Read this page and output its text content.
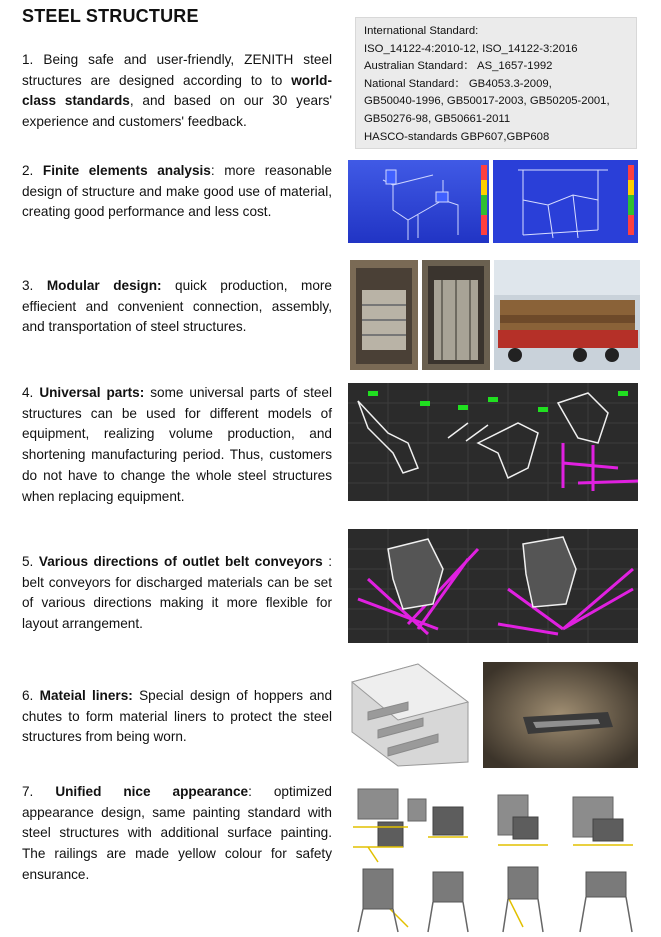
STEEL STRUCTURE
International Standard:
ISO_14122-4:2010-12, ISO_14122-3:2016
Australian Standard： AS_1657-1992
National Standard： GB4053.3-2009,
GB50040-1996, GB50017-2003, GB50205-2001,
GB50276-98, GB50661-2011
HASCO-standards GBP607,GBP608
1. Being safe and user-friendly, ZENITH steel structures are designed according to to world-class standards, and based on our 30 years' experience and customers' feedback.
2. Finite elements analysis: more reasonable design of structure and make good use of material, creating good performance and less cost.
3. Modular design: quick production, more effiecient and convenient connection, assembly, and transportation of steel structures.
4. Universal parts: some universal parts of steel structures can be used for different models of equipment, realizing volume production, and shortening manufacturing period. Thus, customers do not have to change the whole steel structures when replacing equipment.
5. Various directions of outlet belt conveyors : belt conveyors for discharged materials can be set of various directions making it more flexible for layout arrangement.
6. Mateial liners: Special design of hoppers and chutes to form material liners to protect the steel structures from being worn.
7. Unified nice appearance: optimized appearance design, same painting standard with steel structures with additional surface painting. The railings are made yellow colour for safety ensurance.
